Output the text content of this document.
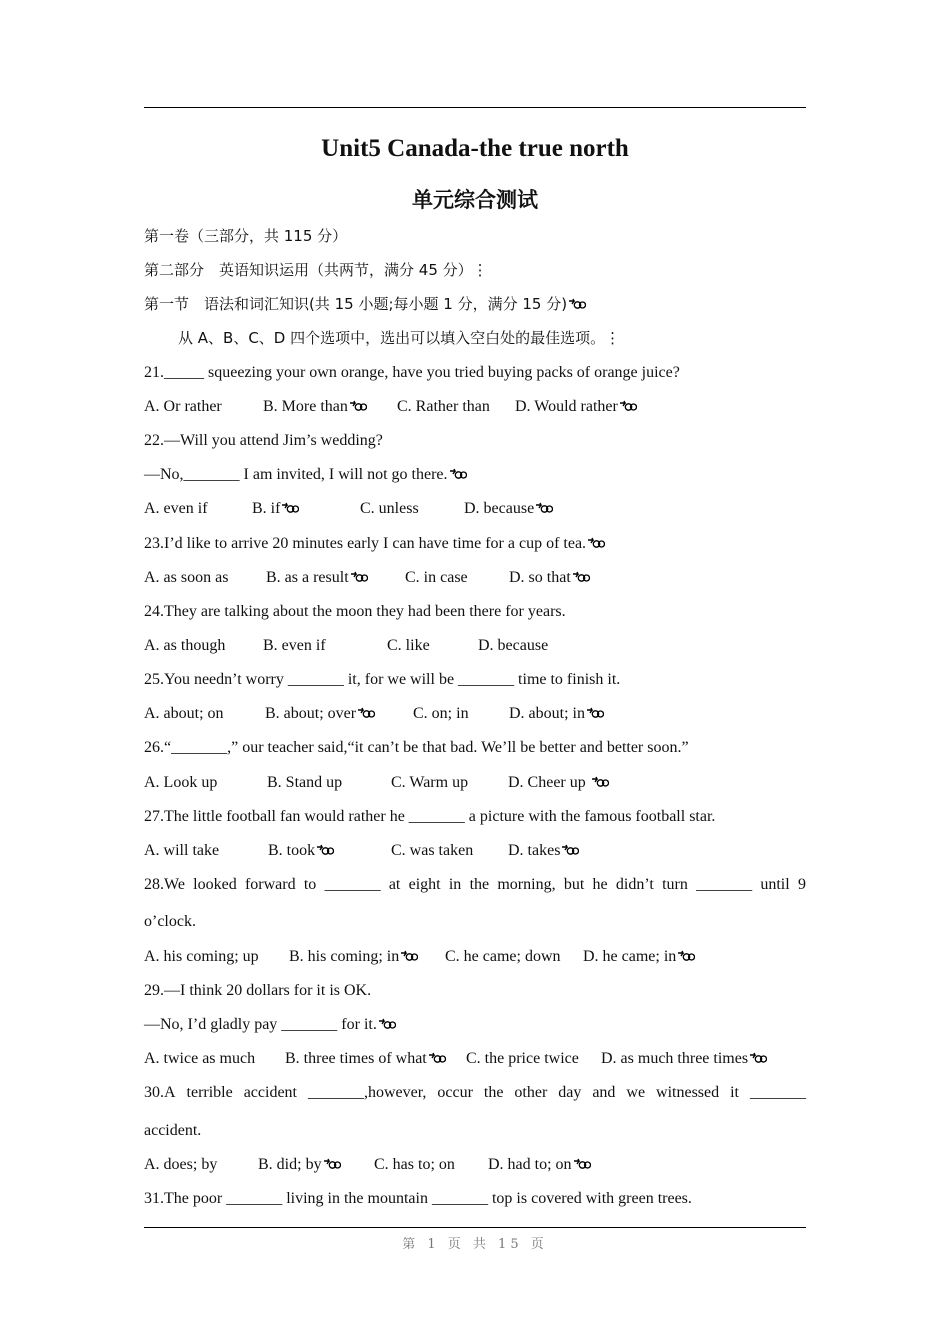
Unit5 Canada-the true north
单元综合测试
第一卷（三部分，共 115 分）
第二部分　英语知识运用（共两节，满分 45 分）⋮
第一节　语法和词汇知识(共 15 小题;每小题 1 分，满分 15 分)
从 A、B、C、D 四个选项中，选出可以填入空白处的最佳选项。⋮
21._____ squeezing your own orange, have you tried buying packs of orange juice?
A. Or rather	B. More than	C. Rather than D. Would rather
22.—Will you attend Jim’s wedding?
—No,_______ I am invited, I will not go there.
A. even if	B. if	C. unless	D. because
23.I’d like to arrive 20 minutes early I can have time for a cup of tea.
A. as soon as B. as a result	C. in case	D. so that
24.They are talking about the moon they had been there for years.
A. as though B. even if	C. like	D. because
25.You needn’t worry _______ it, for we will be _______ time to finish it.
A. about; on	B. about; over	C. on; in	D. about; in
26.“_______,” our teacher said,“it can’t be that bad. We’ll be better and better soon.”
A. Look up	B. Stand up	C. Warm up D. Cheer up
27.The little football fan would rather he _______ a picture with the famous football star.
A. will take	B. took	C. was taken D. takes
28.We looked forward to _______ at eight in the morning, but he didn’t turn _______ until 9
o’clock.
A. his coming; up B. his coming; in	C. he came; down D. he came; in
29.—I think 20 dollars for it is OK.
—No, I’d gladly pay _______ for it.
A. twice as much B. three times of what	C. the price twice D. as much three times
30.A terrible accident _______,however, occur the other day and we witnessed it _______
accident.
A. does; by	B. did; by	C. has to; on D. had to; on
31.The poor _______ living in the mountain _______ top is covered with green trees.
第 1 页 共 15 页
